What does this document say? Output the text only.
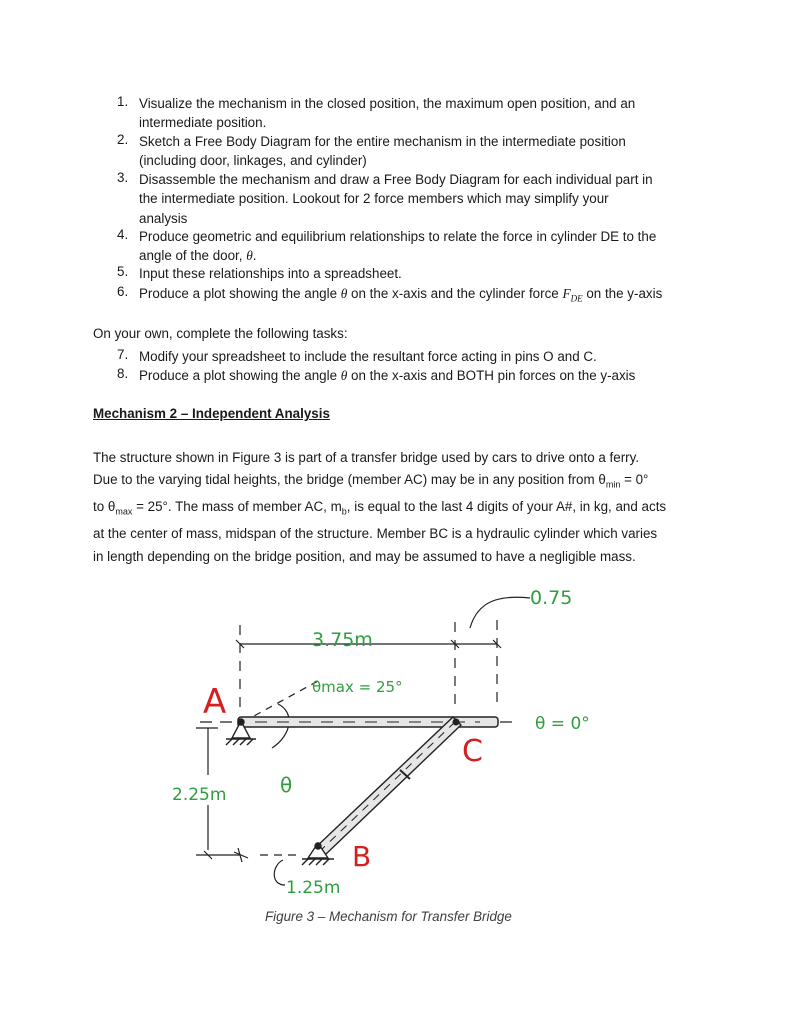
1. Visualize the mechanism in the closed position, the maximum open position, and an
intermediate position.
2. Sketch a Free Body Diagram for the entire mechanism in the intermediate position
(including door, linkages, and cylinder)
3. Disassemble the mechanism and draw a Free Body Diagram for each individual part in
the intermediate position. Lookout for 2 force members which may simplify your
analysis
4. Produce geometric and equilibrium relationships to relate the force in cylinder DE to the
angle of the door, θ.
5. Input these relationships into a spreadsheet.
6. Produce a plot showing the angle θ on the x-axis and the cylinder force $F_{DE}$ on the y-axis
On your own, complete the following tasks:
7. Modify your spreadsheet to include the resultant force acting in pins O and C.
8. Produce a plot showing the angle θ on the x-axis and BOTH pin forces on the y-axis
Mechanism 2 – Independent Analysis
The structure shown in Figure 3 is part of a transfer bridge used by cars to drive onto a ferry.
Due to the varying tidal heights, the bridge (member AC) may be in any position from $\theta_{min} = 0^\circ$
to $\theta_{max} = 25^\circ$. The mass of member AC, $m_b$, is equal to the last 4 digits of your A#, in kg, and acts
at the center of mass, midspan of the structure. Member BC is a hydraulic cylinder which varies
in length depending on the bridge position, and may be assumed to have a negligible mass.
A
B
C
3.75m
0.75
2.25m
1.25m
θmax = 25°
θ = 0°
θ
Figure 3 – Mechanism for Transfer Bridge
